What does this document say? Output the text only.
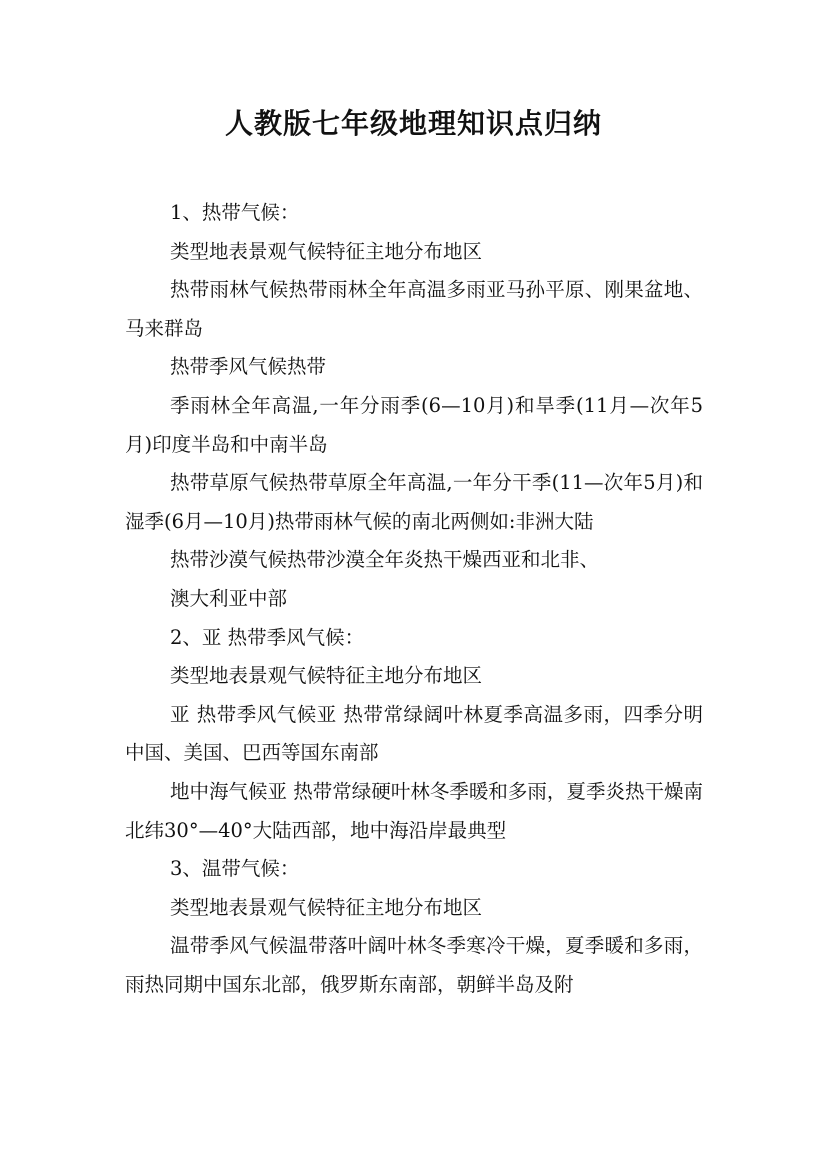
人教版七年级地理知识点归纳

1、热带气候：

类型地表景观气候特征主地分布地区

热带雨林气候热带雨林全年高温多雨亚马孙平原、刚果盆地、马来群岛

热带季风气候热带

季雨林全年高温,一年分雨季(6—10月)和旱季(11月—次年5月)印度半岛和中南半岛

热带草原气候热带草原全年高温,一年分干季(11—次年5月)和湿季(6月—10月)热带雨林气候的南北两侧如:非洲大陆

热带沙漠气候热带沙漠全年炎热干燥西亚和北非、

澳大利亚中部

2、亚 热带季风气候：

类型地表景观气候特征主地分布地区

亚 热带季风气候亚 热带常绿阔叶林夏季高温多雨，四季分明中国、美国、巴西等国东南部

地中海气候亚 热带常绿硬叶林冬季暖和多雨，夏季炎热干燥南北纬30°—40°大陆西部，地中海沿岸最典型

3、温带气候：

类型地表景观气候特征主地分布地区

温带季风气候温带落叶阔叶林冬季寒冷干燥，夏季暖和多雨，雨热同期中国东北部，俄罗斯东南部，朝鲜半岛及附
